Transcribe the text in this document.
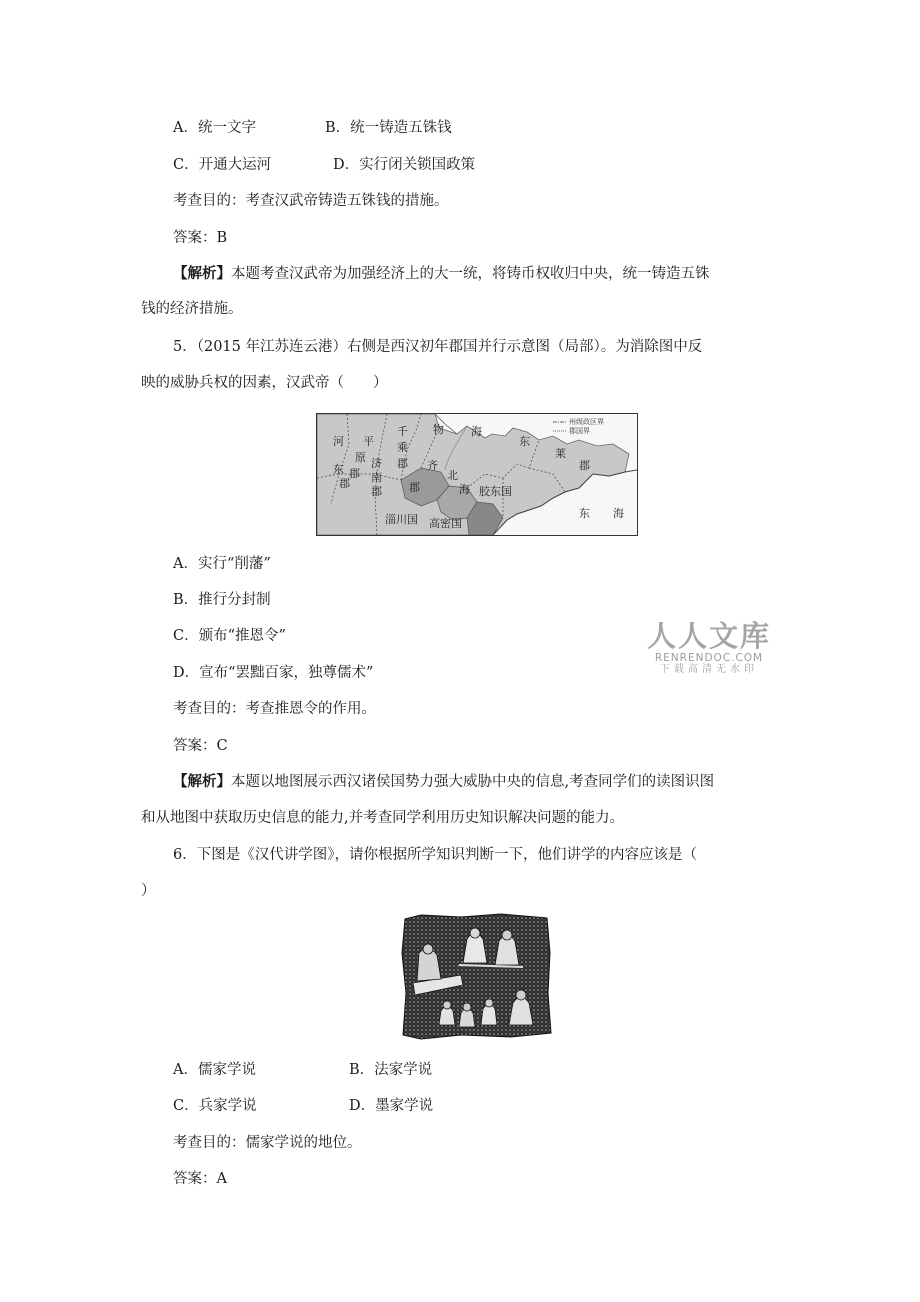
A．统一文字	B．统一铸造五铢钱
C．开通大运河	D．实行闭关锁国政策
考查目的：考查汉武帝铸造五铢钱的措施。
答案：B
【解析】本题考查汉武帝为加强经济上的大一统，将铸币权收归中央，统一铸造五铢
钱的经济措施。
5．（2015 年江苏连云港）右侧是西汉初年郡国并行示意图（局部）。为消除图中反
映的威胁兵权的因素，汉武帝（　　）
州级政区界
郡国界
河
东
郡
平
原
郡
千
乘
郡
济
南
郡
齐
郡
北
海 胶东国
物 海
东
莱
郡
东 海
淄川国 高密国
A．实行“削藩”
B．推行分封制
C．颁布“推恩令”
D．宣布“罢黜百家，独尊儒术”
考查目的：考查推恩令的作用。
答案：C
【解析】本题以地图展示西汉诸侯国势力强大威胁中央的信息,考查同学们的读图识图
和从地图中获取历史信息的能力,并考查同学利用历史知识解决问题的能力。
人人文库
RENRENDOC.COM
下载高清无水印
6．下图是《汉代讲学图》，请你根据所学知识判断一下，他们讲学的内容应该是（
）
A．儒家学说	B．法家学说
C．兵家学说	D．墨家学说
考查目的：儒家学说的地位。
答案：A
